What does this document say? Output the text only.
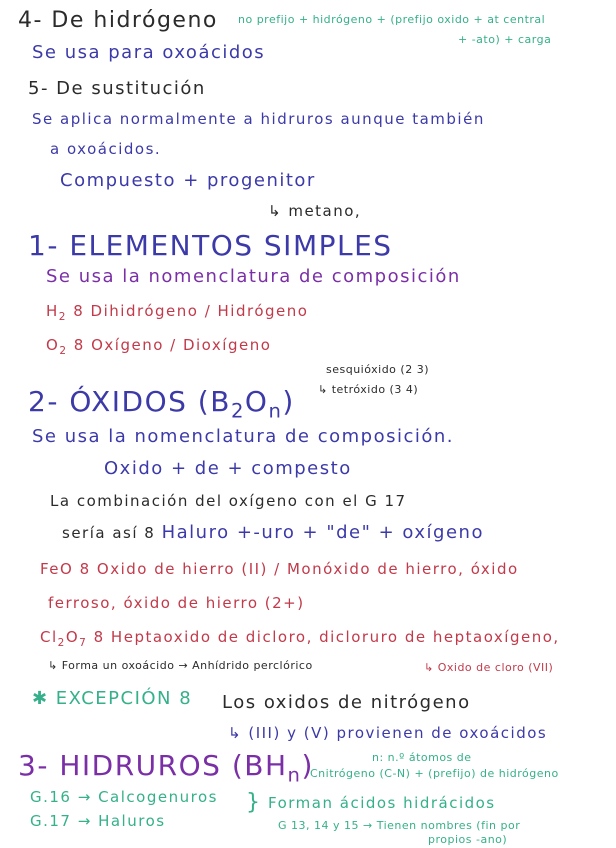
4- De hidrógeno no prefijo + hidrógeno + (prefijo oxido + at central
+ -ato) + carga
Se usa para oxoácidos
5- De sustitución
Se aplica normalmente a hidruros aunque también
a oxoácidos.
Compuesto + progenitor
↳ metano,
1- ELEMENTOS SIMPLES
Se usa la nomenclatura de composición
$H_2$ 8 Dihidrógeno / Hidrógeno
$O_2$ 8 Oxígeno / Dioxígeno
2- ÓXIDOS $(B_2O_n)$
sesquióxido (2 3)
↳ tetróxido (3 4)
Se usa la nomenclatura de composición.
Oxido + de + compesto
La combinación del oxígeno con el G 17
sería así 8 Haluro +-uro + "de" + oxígeno
FeO 8 Oxido de hierro (II) / Monóxido de hierro, óxido
ferroso, óxido de hierro (2+)
$Cl_2O_7$ 8 Heptaoxido de dicloro, dicloruro de heptaoxígeno,
↳ Forma un oxoácido → Anhídrido perclórico	↳ Oxido de cloro (VII)
✱ EXCEPCIÓN 8 Los oxidos de nitrógeno
↳ (III) y (V) provienen de oxoácidos
3- HIDRUROS $(BH_n)$	n: n.º átomos de
Cnitrógeno (C-N) + (prefijo) de hidrógeno
G.16 → Calcogenuros
G.17 → Haluros
} Forman ácidos hidrácidos
G 13, 14 y 15 → Tienen nombres (fin por
propios -ano)
